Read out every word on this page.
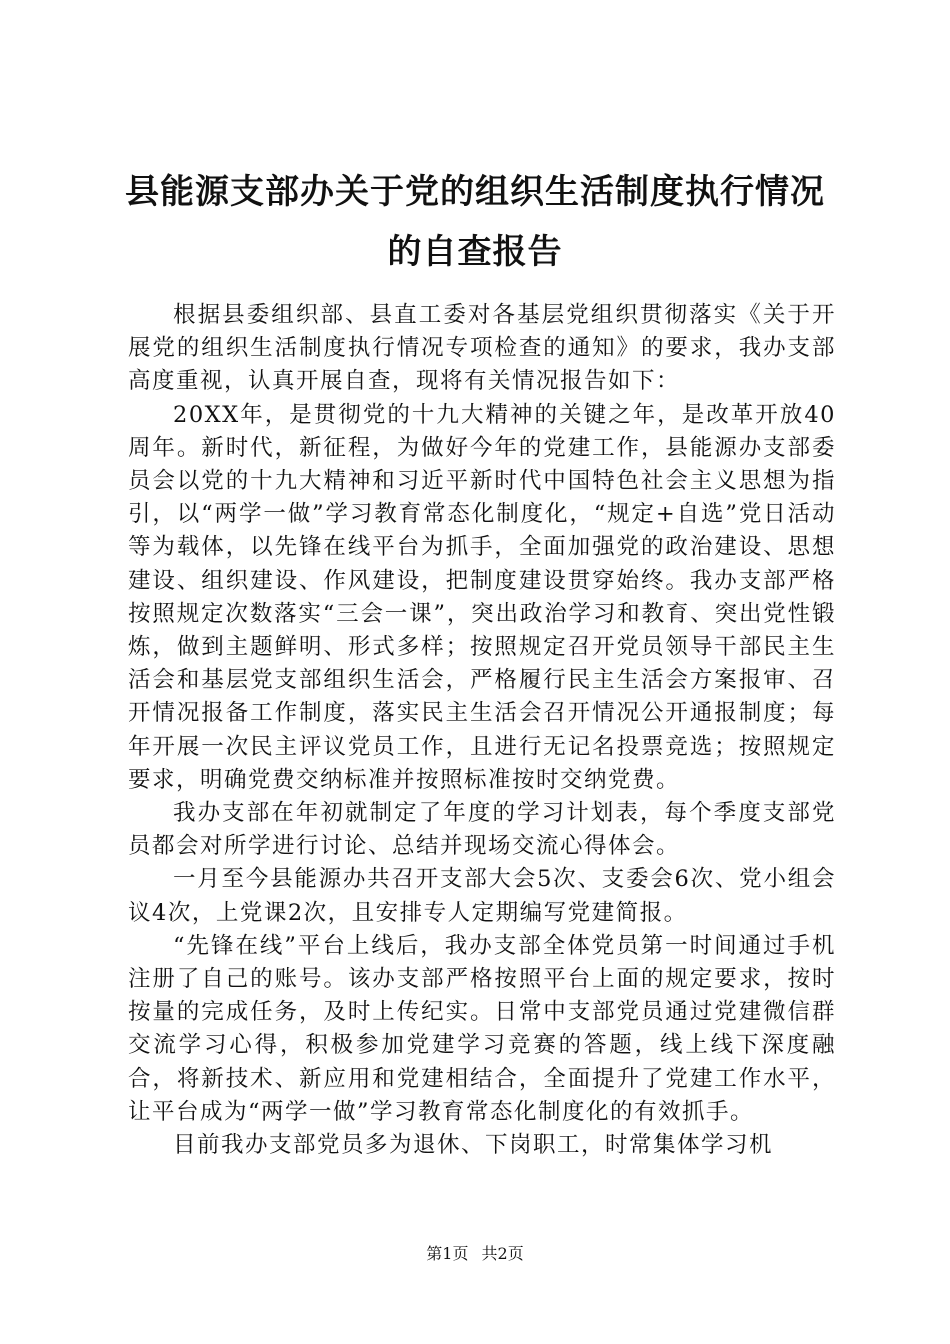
县能源支部办关于党的组织生活制度执行情况
的自查报告

根据县委组织部、县直工委对各基层党组织贯彻落实《关于开展党的组织生活制度执行情况专项检查的通知》的要求，我办支部高度重视，认真开展自查，现将有关情况报告如下：

20XX年，是贯彻党的十九大精神的关键之年，是改革开放40周年。新时代，新征程，为做好今年的党建工作，县能源办支部委员会以党的十九大精神和习近平新时代中国特色社会主义思想为指引，以“两学一做”学习教育常态化制度化，“规定+自选”党日活动等为载体，以先锋在线平台为抓手，全面加强党的政治建设、思想建设、组织建设、作风建设，把制度建设贯穿始终。我办支部严格按照规定次数落实“三会一课”，突出政治学习和教育、突出党性锻炼，做到主题鲜明、形式多样；按照规定召开党员领导干部民主生活会和基层党支部组织生活会，严格履行民主生活会方案报审、召开情况报备工作制度，落实民主生活会召开情况公开通报制度；每年开展一次民主评议党员工作，且进行无记名投票竞选；按照规定要求，明确党费交纳标准并按照标准按时交纳党费。

我办支部在年初就制定了年度的学习计划表，每个季度支部党员都会对所学进行讨论、总结并现场交流心得体会。

一月至今县能源办共召开支部大会5次、支委会6次、党小组会议4次，上党课2次，且安排专人定期编写党建简报。

“先锋在线”平台上线后，我办支部全体党员第一时间通过手机注册了自己的账号。该办支部严格按照平台上面的规定要求，按时按量的完成任务，及时上传纪实。日常中支部党员通过党建微信群交流学习心得，积极参加党建学习竞赛的答题，线上线下深度融合，将新技术、新应用和党建相结合，全面提升了党建工作水平，让平台成为“两学一做”学习教育常态化制度化的有效抓手。

目前我办支部党员多为退休、下岗职工，时常集体学习机

第1页 共2页
